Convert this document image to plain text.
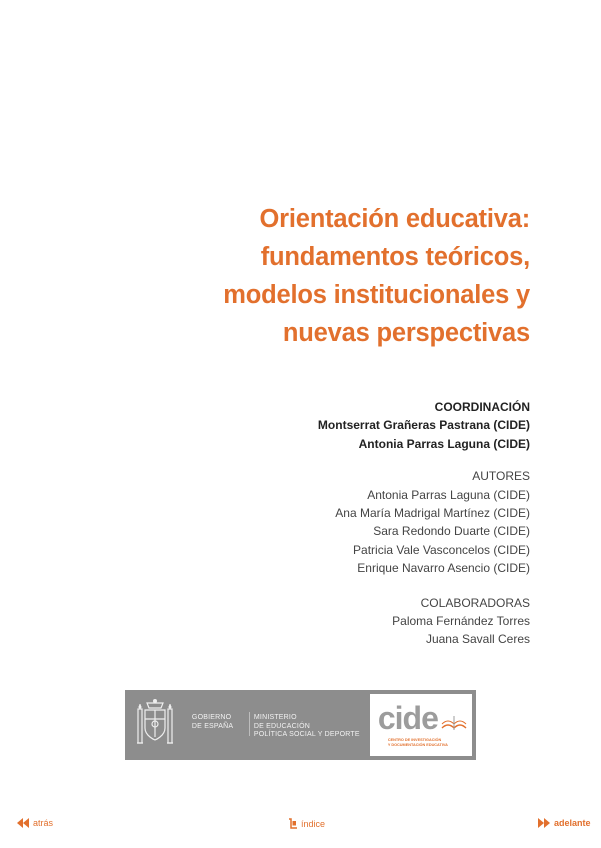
Orientación educativa:
fundamentos teóricos,
modelos institucionales y
nuevas perspectivas
COORDINACIÓN
Montserrat Grañeras Pastrana (CIDE)
Antonia Parras Laguna (CIDE)
AUTORES
Antonia Parras Laguna (CIDE)
Ana María Madrigal Martínez (CIDE)
Sara Redondo Duarte (CIDE)
Patricia Vale Vasconcelos (CIDE)
Enrique Navarro Asencio (CIDE)
COLABORADORAS
Paloma Fernández Torres
Juana Savall Ceres
GOBIERNO
DE ESPAÑA
MINISTERIO
DE EDUCACIÓN
POLÍTICA SOCIAL Y DEPORTE cide
CENTRO DE INVESTIGACIÓN
Y DOCUMENTACIÓN EDUCATIVA
atrás	índice	adelante
